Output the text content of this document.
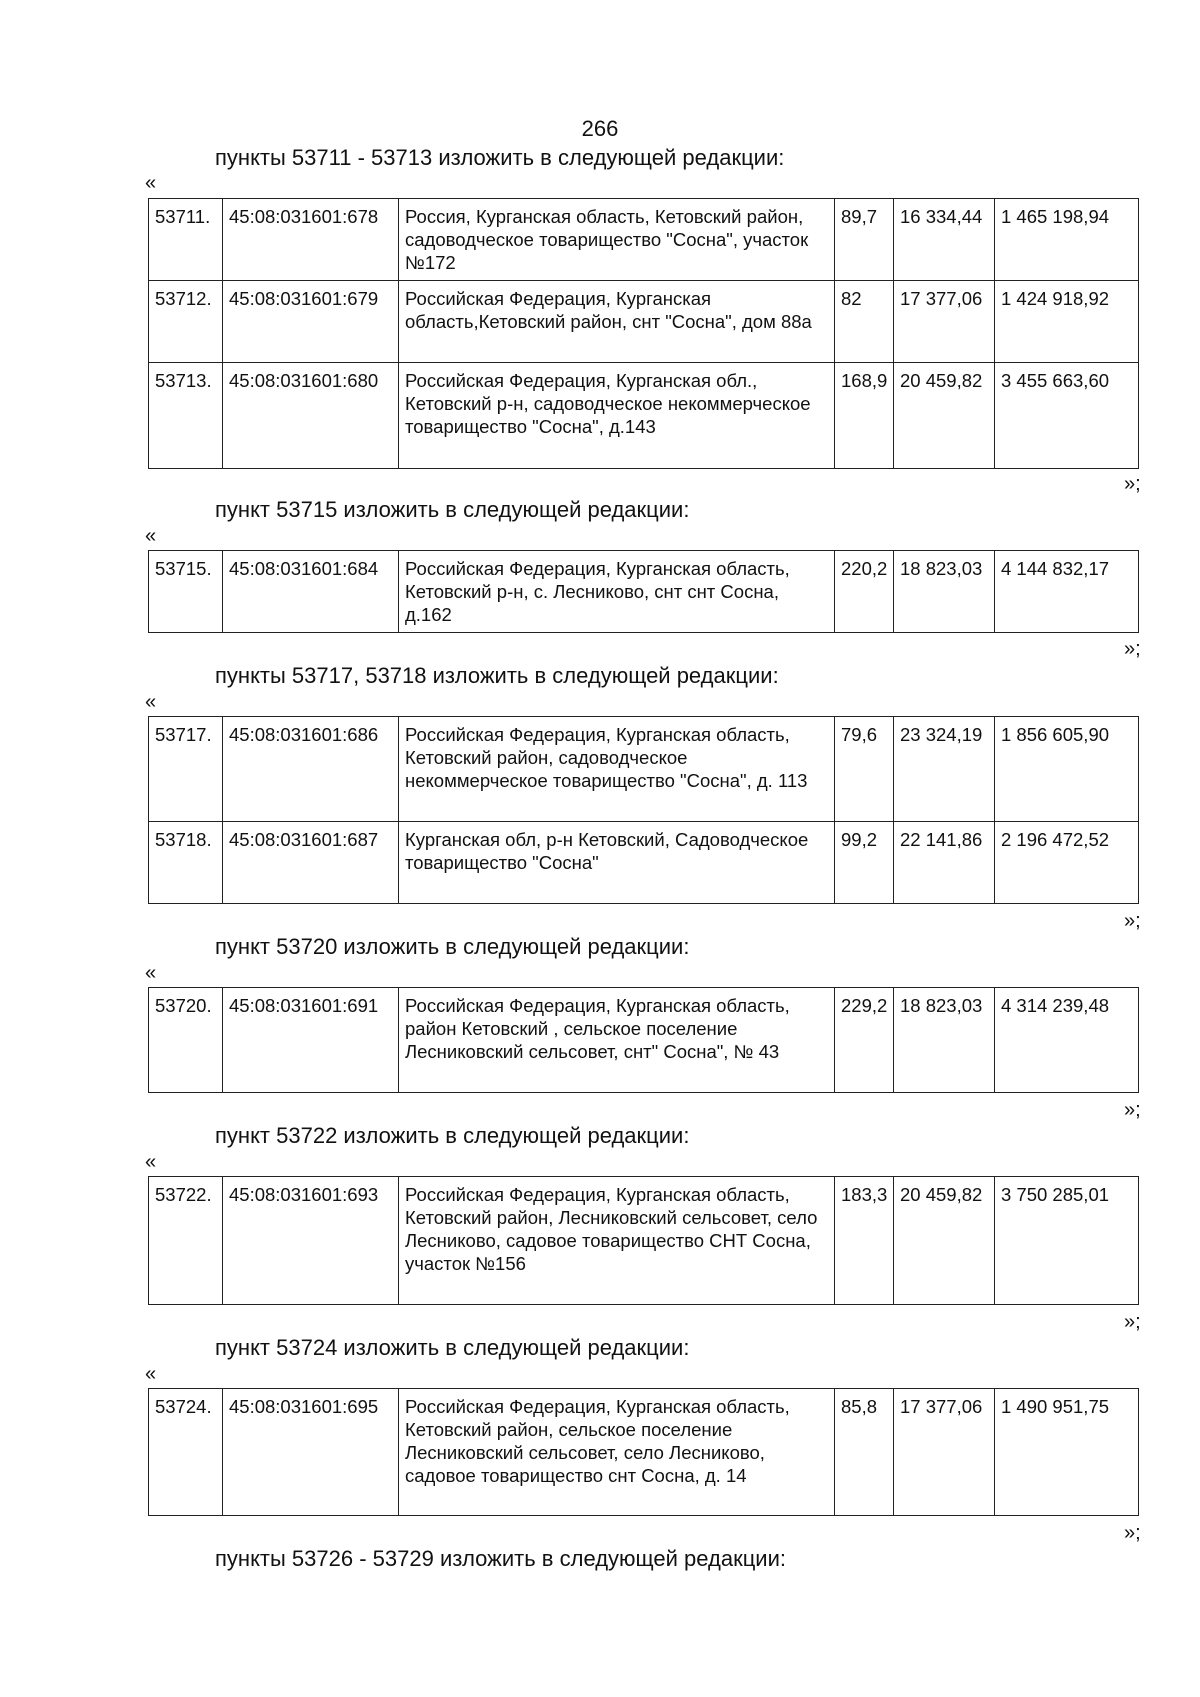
266
пункты 53711 - 53713 изложить в следующей редакции:
«
53711.	45:08:031601:678	Россия, Курганская область, Кетовский район, садоводческое товарищество "Сосна", участок №172	89,7	16 334,44	1 465 198,94
53712.	45:08:031601:679	Российская Федерация, Курганская область,Кетовский район, снт "Сосна", дом 88а	82	17 377,06	1 424 918,92
53713.	45:08:031601:680	Российская Федерация, Курганская обл., Кетовский р-н, садоводческое некоммерческое товарищество "Сосна", д.143	168,9	20 459,82	3 455 663,60
»;
пункт 53715 изложить в следующей редакции:
«
53715.	45:08:031601:684	Российская Федерация, Курганская область, Кетовский р-н, с. Лесниково, снт снт Сосна, д.162	220,2	18 823,03	4 144 832,17
»;
пункты 53717, 53718 изложить в следующей редакции:
«
53717.	45:08:031601:686	Российская Федерация, Курганская область, Кетовский район, садоводческое некоммерческое товарищество "Сосна", д. 113	79,6	23 324,19	1 856 605,90
53718.	45:08:031601:687	Курганская обл, р-н Кетовский, Садоводческое товарищество "Сосна"	99,2	22 141,86	2 196 472,52
»;
пункт 53720 изложить в следующей редакции:
«
53720.	45:08:031601:691	Российская Федерация, Курганская область, район Кетовский , сельское поселение Лесниковский сельсовет, снт" Сосна", № 43	229,2	18 823,03	4 314 239,48
»;
пункт 53722 изложить в следующей редакции:
«
53722.	45:08:031601:693	Российская Федерация, Курганская область, Кетовский район, Лесниковский сельсовет, село Лесниково, садовое товарищество СНТ Сосна, участок №156	183,3	20 459,82	3 750 285,01
»;
пункт 53724 изложить в следующей редакции:
«
53724.	45:08:031601:695	Российская Федерация, Курганская область, Кетовский район, сельское поселение Лесниковский сельсовет, село Лесниково, садовое товарищество снт Сосна, д. 14	85,8	17 377,06	1 490 951,75
»;
пункты 53726 - 53729 изложить в следующей редакции:
